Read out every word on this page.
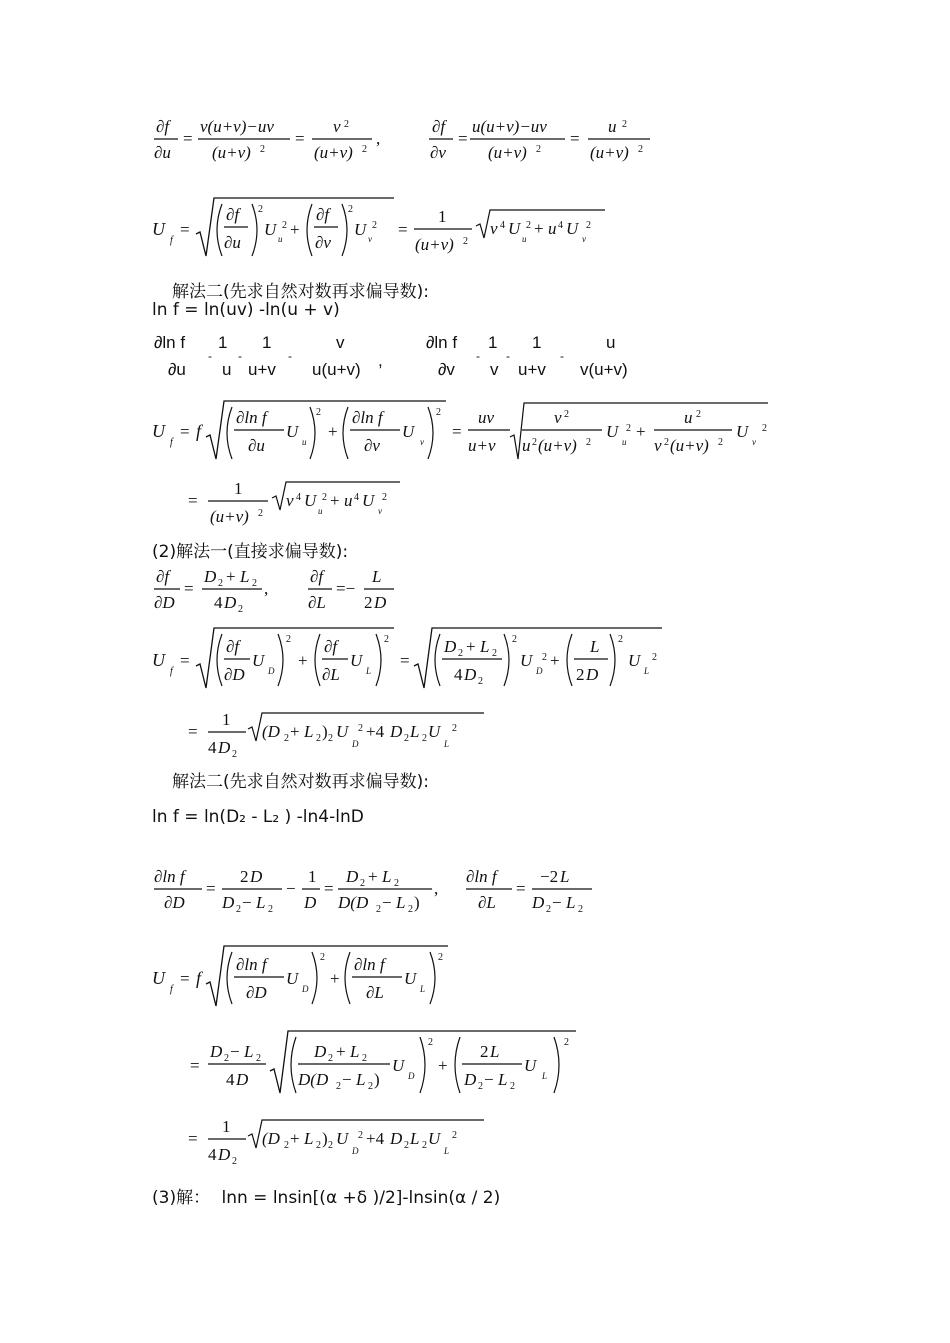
∂f
∂u
=
v(u+v)−uv
(u+v) 2
=
v 2
(u+v) 2
,
∂f
∂v
=
u(u+v)−uv
(u+v) 2
=
u 2
(u+v) 2
U
f
=
∂f
∂u
2
U u
2 +
∂f
∂v
2
U v
2 =
1
(u+v) 2
v 4 U
u
2 + u 4 U
v
2
解法二(先求自然对数再求偏导数):
ln f = ln(uv) -ln(u + v)
∂ln f 1 1	v
∂u
-
u
-
u+v
-
u(u+v) ,
∂ln f 1 1	u
∂v
-
v
-
u+v
-
v(u+v)
U
f
= f
∂ln f
∂u
U
u
2
+
∂ln f
∂v
U
v
2
=
uv
u+v
v 2
u 2 (u+v) 2
U
u
2 +
u 2
v 2 (u+v) 2
U
v
2
=
1
(u+v) 2
v 4 U
u
2 + u 4 U
v
2
(2)解法一(直接求偏导数):
∂f
∂D
=
D 2 + L 2
4 D 2
,
∂f
∂L
=−
L
2 D
U
f
=
∂f
∂D
U
D
2
+
∂f
∂L
U
L
2
=
D 2 + L 2
4 D 2
2
U
D
2 +
L
2 D
2
U
L
2
=
1
4 D 2
(D 2 + L 2 ) 2 U
D
2 +4 D 2 L 2 U
L
2
解法二(先求自然对数再求偏导数):
ln f = ln(D₂ - L₂ ) -ln4-lnD
∂ln f
∂D
=
2 D
D 2 − L 2
−
1
D
=
D 2 + L 2
D(D 2 − L 2 )
,
∂ln f
∂L
=
−2 L
D 2 − L 2
U
f
= f
∂ln f
∂D
U
D
2
+
∂ln f
∂L
U
L
2
=
D 2 − L 2
4 D
D 2 + L 2
D(D 2 − L 2 )
U
D
2
+
2 L
D 2 − L 2
U
L
2
=
1
4 D 2
(D 2 + L 2 ) 2 U
D
2 +4 D 2 L 2 U
L
2
(3)解： lnn = lnsin[(α +δ )/2]-lnsin(α / 2)
